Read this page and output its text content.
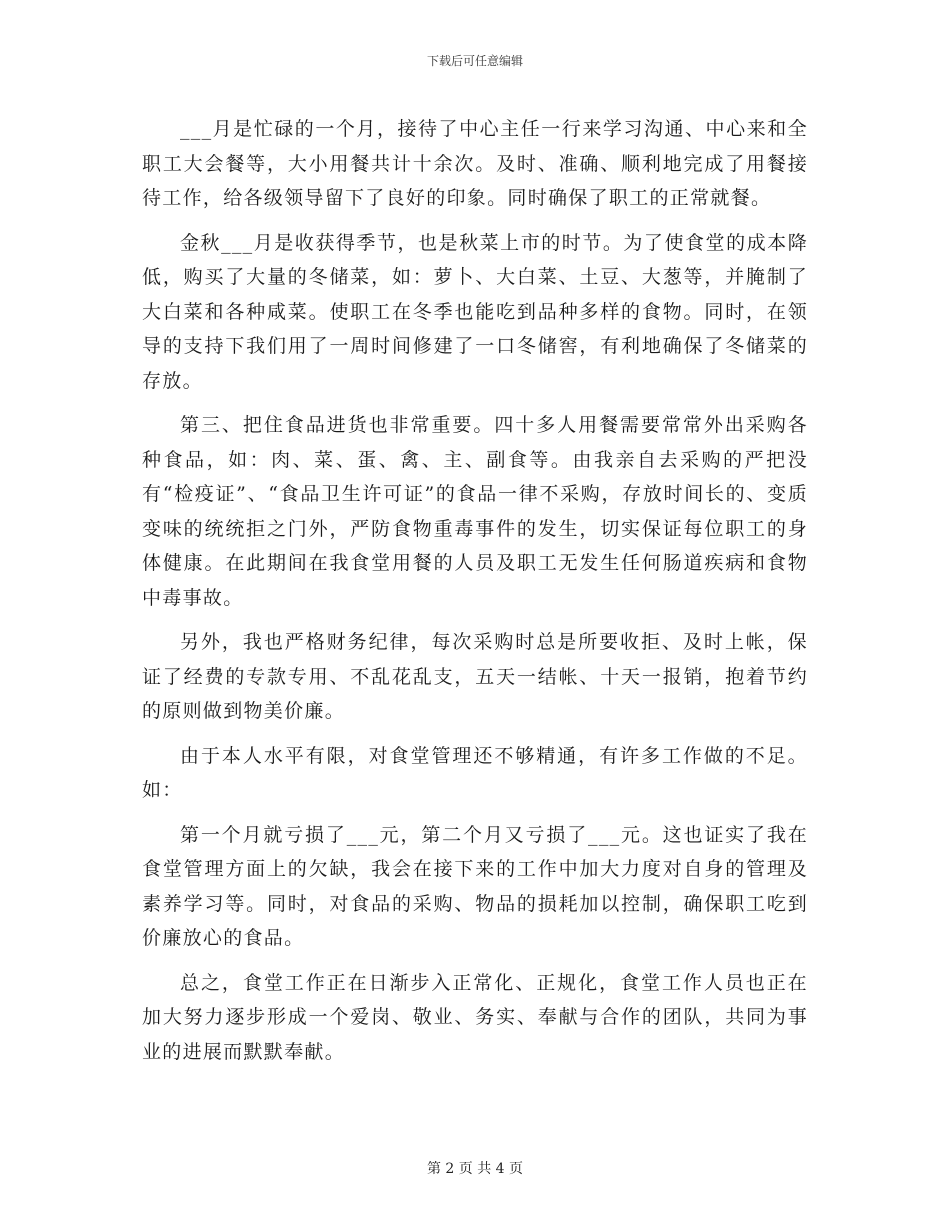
下载后可任意编辑

___月是忙碌的一个月，接待了中心主任一行来学习沟通、中心来和全职工大会餐等，大小用餐共计十余次。及时、准确、顺利地完成了用餐接待工作，给各级领导留下了良好的印象。同时确保了职工的正常就餐。

金秋___月是收获得季节，也是秋菜上市的时节。为了使食堂的成本降低，购买了大量的冬储菜，如：萝卜、大白菜、土豆、大葱等，并腌制了大白菜和各种咸菜。使职工在冬季也能吃到品种多样的食物。同时，在领导的支持下我们用了一周时间修建了一口冬储窖，有利地确保了冬储菜的存放。

第三、把住食品进货也非常重要。四十多人用餐需要常常外出采购各种食品，如：肉、菜、蛋、禽、主、副食等。由我亲自去采购的严把没有“检疫证”、“食品卫生许可证”的食品一律不采购，存放时间长的、变质变味的统统拒之门外，严防食物重毒事件的发生，切实保证每位职工的身体健康。在此期间在我食堂用餐的人员及职工无发生任何肠道疾病和食物中毒事故。

另外，我也严格财务纪律，每次采购时总是所要收拒、及时上帐，保证了经费的专款专用、不乱花乱支，五天一结帐、十天一报销，抱着节约的原则做到物美价廉。

由于本人水平有限，对食堂管理还不够精通，有许多工作做的不足。如：

第一个月就亏损了___元，第二个月又亏损了___元。这也证实了我在食堂管理方面上的欠缺，我会在接下来的工作中加大力度对自身的管理及素养学习等。同时，对食品的采购、物品的损耗加以控制，确保职工吃到价廉放心的食品。

总之，食堂工作正在日渐步入正常化、正规化，食堂工作人员也正在加大努力逐步形成一个爱岗、敬业、务实、奉献与合作的团队，共同为事业的进展而默默奉献。

第 2 页 共 4 页
